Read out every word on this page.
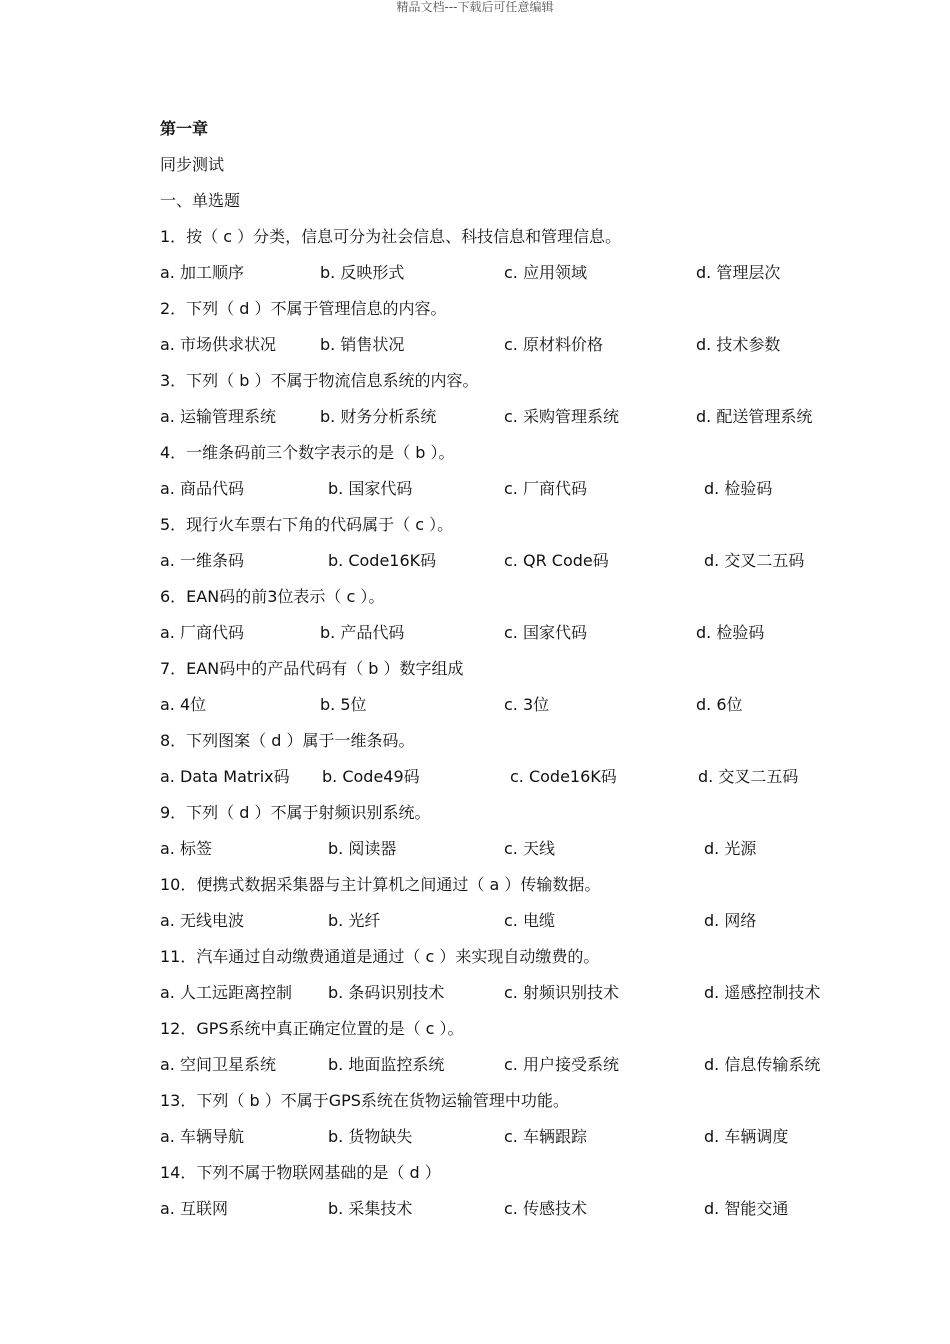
精品文档---下载后可任意编辑
第一章
同步测试
一、单选题
1．按（ c ）分类，信息可分为社会信息、科技信息和管理信息。
a. 加工顺序	b. 反映形式	c. 应用领域	d. 管理层次
2．下列（ d ）不属于管理信息的内容。
a. 市场供求状况	b. 销售状况	c. 原材料价格	d. 技术参数
3．下列（ b ）不属于物流信息系统的内容。
a. 运输管理系统	b. 财务分析系统	c. 采购管理系统	d. 配送管理系统
4．一维条码前三个数字表示的是（ b ）。
a. 商品代码	b. 国家代码	c. 厂商代码	d. 检验码
5．现行火车票右下角的代码属于（ c ）。
a. 一维条码	b. Code16K码	c. QR Code码	d. 交叉二五码
6．EAN码的前3位表示（ c ）。
a. 厂商代码	b. 产品代码	c. 国家代码	d. 检验码
7．EAN码中的产品代码有（ b ）数字组成
a. 4位	b. 5位	c. 3位	d. 6位
8．下列图案（ d ）属于一维条码。
a. Data Matrix码 b. Code49码	c. Code16K码	d. 交叉二五码
9．下列（ d ）不属于射频识别系统。
a. 标签	b. 阅读器	c. 天线	d. 光源
10．便携式数据采集器与主计算机之间通过（ a ）传输数据。
a. 无线电波	b. 光纤	c. 电缆	d. 网络
11．汽车通过自动缴费通道是通过（ c ）来实现自动缴费的。
a. 人工远距离控制 b. 条码识别技术	c. 射频识别技术	d. 遥感控制技术
12．GPS系统中真正确定位置的是（ c ）。
a. 空间卫星系统	b. 地面监控系统	c. 用户接受系统	d. 信息传输系统
13．下列（ b ）不属于GPS系统在货物运输管理中功能。
a. 车辆导航	b. 货物缺失	c. 车辆跟踪	d. 车辆调度
14．下列不属于物联网基础的是（ d ）
a. 互联网	b. 采集技术	c. 传感技术	d. 智能交通
